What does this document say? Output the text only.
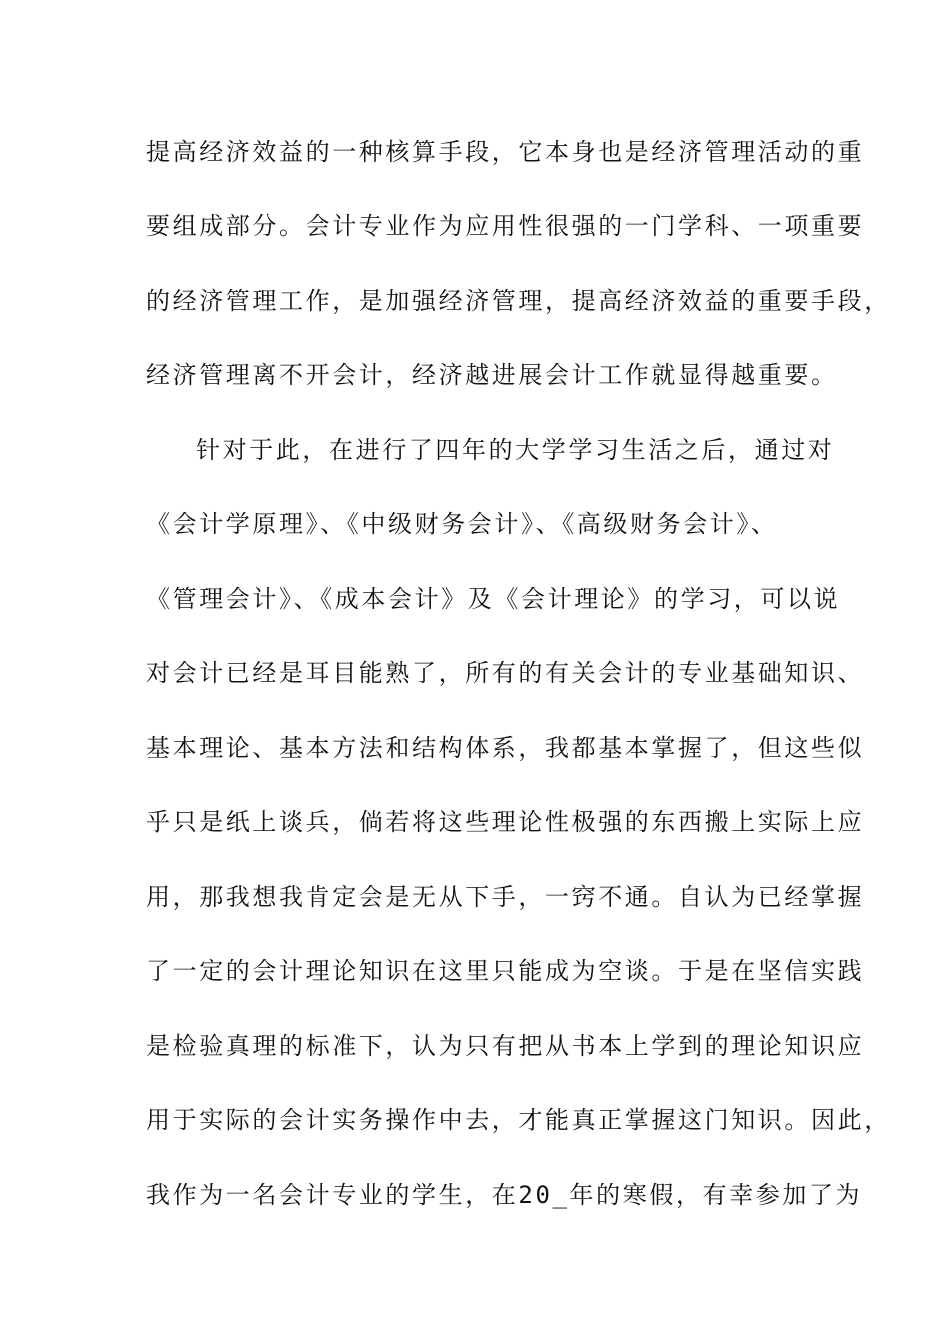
提高经济效益的一种核算手段，它本身也是经济管理活动的重
要组成部分。会计专业作为应用性很强的一门学科、一项重要
的经济管理工作，是加强经济管理，提高经济效益的重要手段，
经济管理离不开会计，经济越进展会计工作就显得越重要。
针对于此，在进行了四年的大学学习生活之后，通过对
《会计学原理》、《中级财务会计》、《高级财务会计》、
《管理会计》、《成本会计》及《会计理论》的学习，可以说
对会计已经是耳目能熟了，所有的有关会计的专业基础知识、
基本理论、基本方法和结构体系，我都基本掌握了，但这些似
乎只是纸上谈兵，倘若将这些理论性极强的东西搬上实际上应
用，那我想我肯定会是无从下手，一窍不通。自认为已经掌握
了一定的会计理论知识在这里只能成为空谈。于是在坚信实践
是检验真理的标准下，认为只有把从书本上学到的理论知识应
用于实际的会计实务操作中去，才能真正掌握这门知识。因此，
我作为一名会计专业的学生，在20_年的寒假，有幸参加了为
